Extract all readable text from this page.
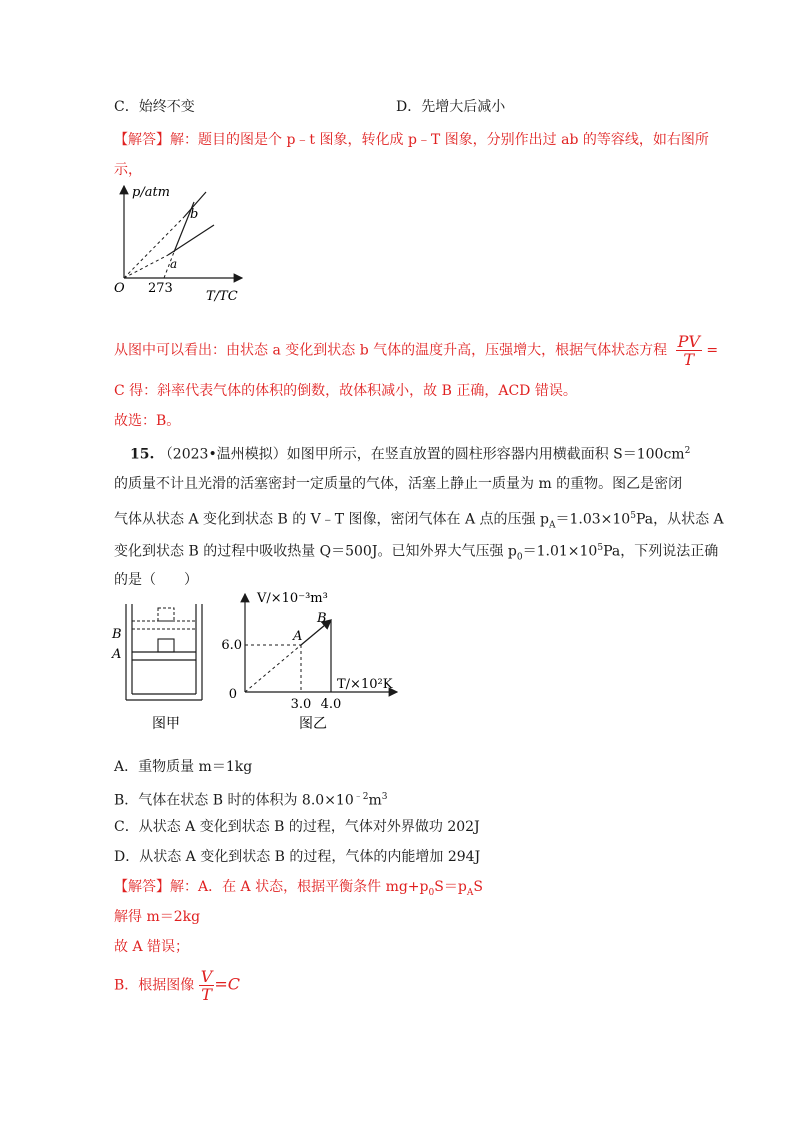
C．始终不变	D．先增大后减小
【解答】解：题目的图是个 p﹣t 图象，转化成 p﹣T 图象，分别作出过 ab 的等容线，如右图所
示，
p/atm
b
a
O 273
T/TC
从图中可以看出：由状态 a 变化到状态 b 气体的温度升高，压强增大，根据气体状态方程 $\frac{PV}{T}$ =
C 得：斜率代表气体的体积的倒数，故体积减小，故 B 正确，ACD 错误。
故选：B。
15. （2023•温州模拟）如图甲所示，在竖直放置的圆柱形容器内用横截面积 $S=100cm^2$
的质量不计且光滑的活塞密封一定质量的气体，活塞上静止一质量为 m 的重物。图乙是密闭
气体从状态 A 变化到状态 B 的 V﹣T 图像，密闭气体在 A 点的压强 $p_A=1.03\times 10^5Pa$，从状态 A
变化到状态 B 的过程中吸收热量 Q＝500J。已知外界大气压强 $p_0=1.01\times 10^5Pa$，下列说法正确
的是（　　）
B
A
图甲
V/×10⁻³m³
T/×10²K
A
B
6.0
0
3.0 4.0
图乙
A．重物质量 m＝1kg
B．气体在状态 B 时的体积为 $8.0\times 10^{﹣2}m^3$
C．从状态 A 变化到状态 B 的过程，气体对外界做功 202J
D．从状态 A 变化到状态 B 的过程，气体的内能增加 294J
【解答】解：A．在 A 状态，根据平衡条件 $mg+p_0S=p_AS$
解得 m＝2kg
故 A 错误；
B．根据图像 $\frac{V}{T} =C$
